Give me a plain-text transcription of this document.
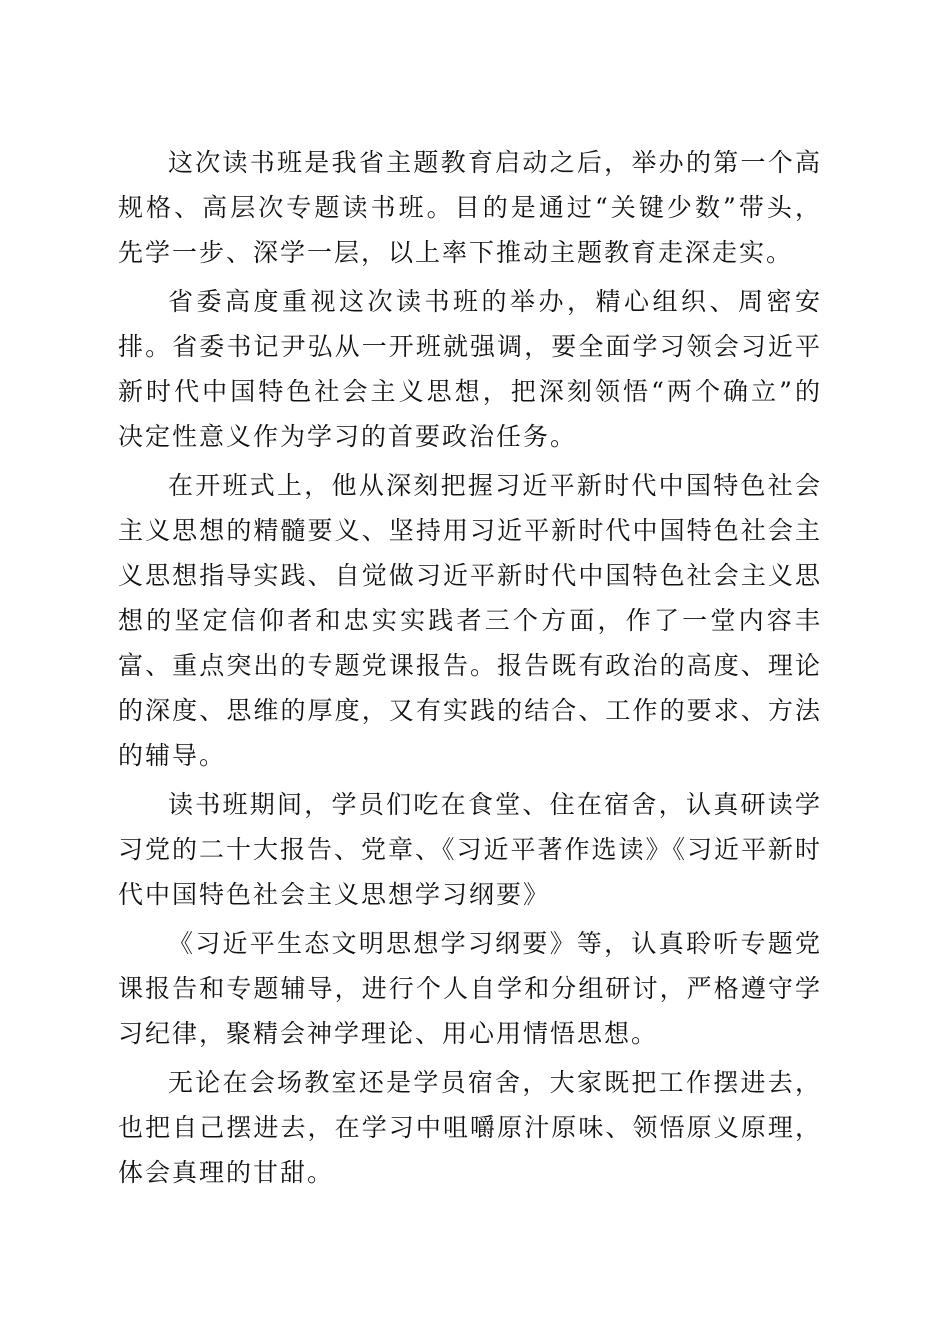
这次读书班是我省主题教育启动之后，举办的第一个高规格、高层次专题读书班。目的是通过“关键少数”带头，先学一步、深学一层，以上率下推动主题教育走深走实。

省委高度重视这次读书班的举办，精心组织、周密安排。省委书记尹弘从一开班就强调，要全面学习领会习近平新时代中国特色社会主义思想，把深刻领悟“两个确立”的决定性意义作为学习的首要政治任务。

在开班式上，他从深刻把握习近平新时代中国特色社会主义思想的精髓要义、坚持用习近平新时代中国特色社会主义思想指导实践、自觉做习近平新时代中国特色社会主义思想的坚定信仰者和忠实实践者三个方面，作了一堂内容丰富、重点突出的专题党课报告。报告既有政治的高度、理论的深度、思维的厚度，又有实践的结合、工作的要求、方法的辅导。

读书班期间，学员们吃在食堂、住在宿舍，认真研读学习党的二十大报告、党章、《习近平著作选读》《习近平新时代中国特色社会主义思想学习纲要》

《习近平生态文明思想学习纲要》等，认真聆听专题党课报告和专题辅导，进行个人自学和分组研讨，严格遵守学习纪律，聚精会神学理论、用心用情悟思想。

无论在会场教室还是学员宿舍，大家既把工作摆进去，也把自己摆进去，在学习中咀嚼原汁原味、领悟原义原理，体会真理的甘甜。
